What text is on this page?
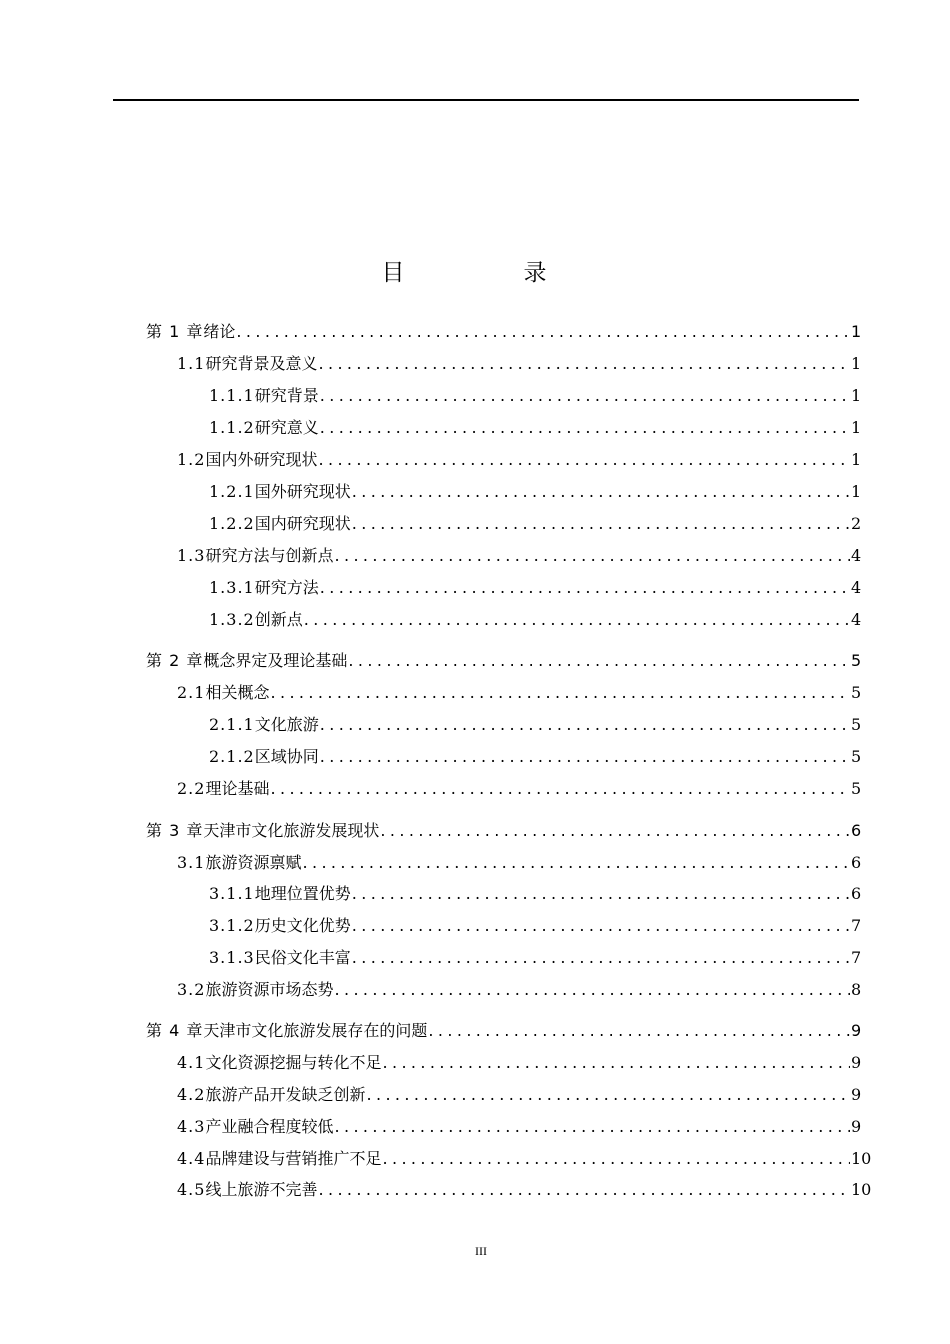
目　录
第 1 章 绪论 .....	1
1.1 研究背景及意义 .....	1
1.1.1 研究背景 .....	1
1.1.2 研究意义 .....	1
1.2 国内外研究现状 .....	1
1.2.1 国外研究现状 .....	1
1.2.2 国内研究现状 .....	2
1.3 研究方法与创新点 .....	4
1.3.1 研究方法 .....	4
1.3.2 创新点 .....	4
第 2 章 概念界定及理论基础 .....	5
2.1 相关概念 .....	5
2.1.1 文化旅游 .....	5
2.1.2 区域协同 .....	5
2.2 理论基础 .....	5
第 3 章 天津市文化旅游发展现状 .....	6
3.1 旅游资源禀赋 .....	6
3.1.1 地理位置优势 .....	6
3.1.2 历史文化优势 .....	7
3.1.3 民俗文化丰富 .....	7
3.2 旅游资源市场态势 .....	8
第 4 章 天津市文化旅游发展存在的问题 .....	9
4.1 文化资源挖掘与转化不足 .....	9
4.2 旅游产品开发缺乏创新 .....	9
4.3 产业融合程度较低 .....	9
4.4 品牌建设与营销推广不足 .....	10
4.5 线上旅游不完善 .....	10
III
